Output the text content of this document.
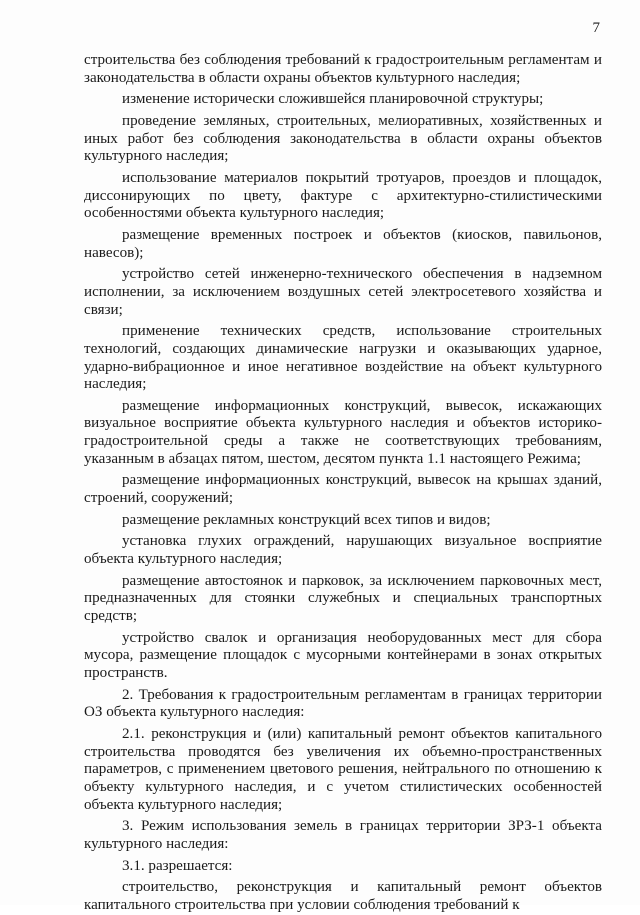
7

строительства без соблюдения требований к градостроительным регламентам и законодательства в области охраны объектов культурного наследия;

изменение исторически сложившейся планировочной структуры;

проведение земляных, строительных, мелиоративных, хозяйственных и иных работ без соблюдения законодательства в области охраны объектов культурного наследия;

использование материалов покрытий тротуаров, проездов и площадок, диссонирующих по цвету, фактуре с архитектурно-стилистическими особенностями объекта культурного наследия;

размещение временных построек и объектов (киосков, павильонов, навесов);

устройство сетей инженерно-технического обеспечения в надземном исполнении, за исключением воздушных сетей электросетевого хозяйства и связи;

применение технических средств, использование строительных технологий, создающих динамические нагрузки и оказывающих ударное, ударно-вибрационное и иное негативное воздействие на объект культурного наследия;

размещение информационных конструкций, вывесок, искажающих визуальное восприятие объекта культурного наследия и объектов историко-градостроительной среды а также не соответствующих требованиям, указанным в абзацах пятом, шестом, десятом пункта 1.1 настоящего Режима;

размещение информационных конструкций, вывесок на крышах зданий, строений, сооружений;

размещение рекламных конструкций всех типов и видов;

установка глухих ограждений, нарушающих визуальное восприятие объекта культурного наследия;

размещение автостоянок и парковок, за исключением парковочных мест, предназначенных для стоянки служебных и специальных транспортных средств;

устройство свалок и организация необорудованных мест для сбора мусора, размещение площадок с мусорными контейнерами в зонах открытых пространств.

2. Требования к градостроительным регламентам в границах территории ОЗ объекта культурного наследия:

2.1. реконструкция и (или) капитальный ремонт объектов капитального строительства проводятся без увеличения их объемно-пространственных параметров, с применением цветового решения, нейтрального по отношению к объекту культурного наследия, и с учетом стилистических особенностей объекта культурного наследия;

3. Режим использования земель в границах территории ЗРЗ-1 объекта культурного наследия:

3.1. разрешается:

строительство, реконструкция и капитальный ремонт объектов капитального строительства при условии соблюдения требований к
